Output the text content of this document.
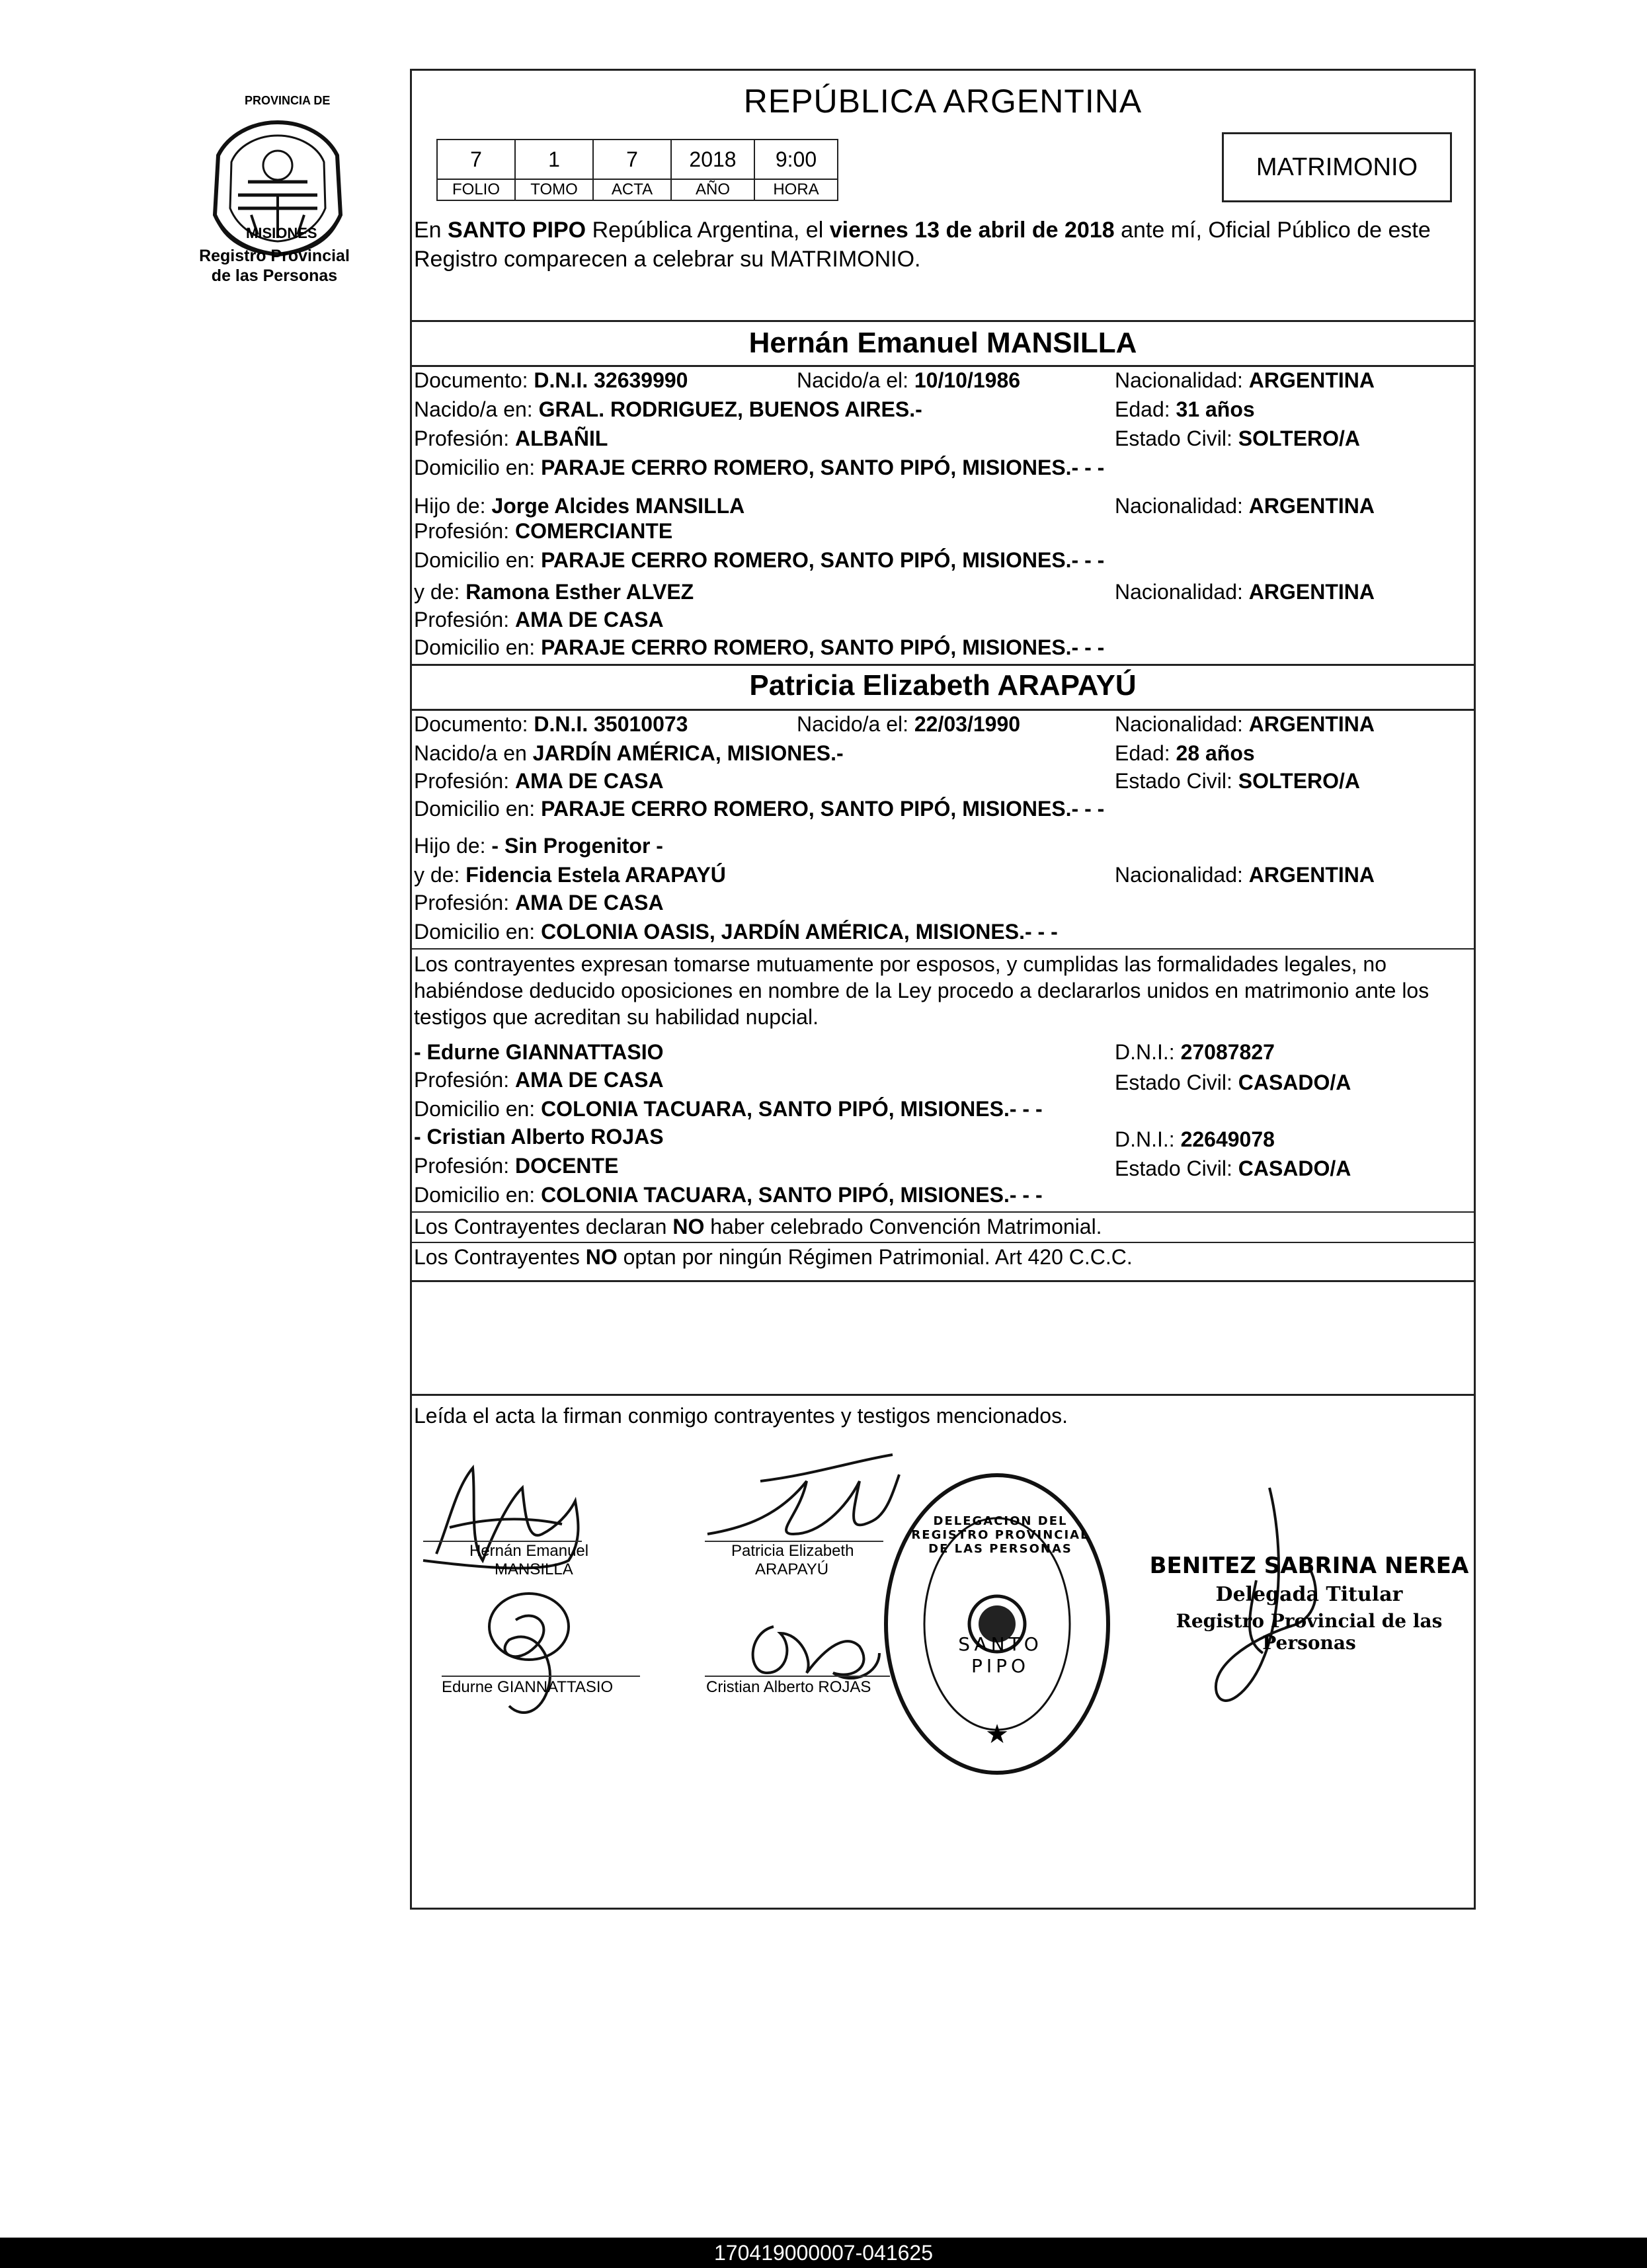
PROVINCIA DE
MISIONES
Registro Provincial
de las Personas
REPÚBLICA ARGENTINA
7	1	7	2018	9:00
FOLIO	TOMO	ACTA	AÑO	HORA
MATRIMONIO
En SANTO PIPO República Argentina, el viernes 13 de abril de 2018 ante mí, Oficial Público de este Registro comparecen a celebrar su MATRIMONIO.
Hernán Emanuel MANSILLA
Documento: D.N.I. 32639990	Nacido/a el: 10/10/1986	Nacionalidad: ARGENTINA
Nacido/a en: GRAL. RODRIGUEZ, BUENOS AIRES.-	Edad: 31 años
Profesión: ALBAÑIL	Estado Civil: SOLTERO/A
Domicilio en: PARAJE CERRO ROMERO, SANTO PIPÓ, MISIONES.- - -
Hijo de: Jorge Alcides MANSILLA	Nacionalidad: ARGENTINA
Profesión: COMERCIANTE
Domicilio en: PARAJE CERRO ROMERO, SANTO PIPÓ, MISIONES.- - -
y de: Ramona Esther ALVEZ	Nacionalidad: ARGENTINA
Profesión: AMA DE CASA
Domicilio en: PARAJE CERRO ROMERO, SANTO PIPÓ, MISIONES.- - -
Patricia Elizabeth ARAPAYÚ
Documento: D.N.I. 35010073	Nacido/a el: 22/03/1990	Nacionalidad: ARGENTINA
Nacido/a en JARDÍN AMÉRICA, MISIONES.-	Edad: 28 años
Profesión: AMA DE CASA	Estado Civil: SOLTERO/A
Domicilio en: PARAJE CERRO ROMERO, SANTO PIPÓ, MISIONES.- - -
Hijo de: - Sin Progenitor -
y de: Fidencia Estela ARAPAYÚ	Nacionalidad: ARGENTINA
Profesión: AMA DE CASA
Domicilio en: COLONIA OASIS, JARDÍN AMÉRICA, MISIONES.- - -
Los contrayentes expresan tomarse mutuamente por esposos, y cumplidas las formalidades legales, no habiéndose deducido oposiciones en nombre de la Ley procedo a declararlos unidos en matrimonio ante los testigos que acreditan su habilidad nupcial.
- Edurne GIANNATTASIO	D.N.I.: 27087827
Profesión: AMA DE CASA	Estado Civil: CASADO/A
Domicilio en: COLONIA TACUARA, SANTO PIPÓ, MISIONES.- - -
- Cristian Alberto ROJAS	D.N.I.: 22649078
Profesión: DOCENTE	Estado Civil: CASADO/A
Domicilio en: COLONIA TACUARA, SANTO PIPÓ, MISIONES.- - -
Los Contrayentes declaran NO haber celebrado Convención Matrimonial.
Los Contrayentes NO optan por ningún Régimen Patrimonial. Art 420 C.C.C.
Leída el acta la firman conmigo contrayentes y testigos mencionados.
Hernán Emanuel
MANSILLA
Patricia Elizabeth
ARAPAYÚ
Edurne GIANNATTASIO	Cristian Alberto ROJAS
★
DELEGACION DEL REGISTRO PROVINCIAL DE LAS PERSONAS
SANTO PIPO
BENITEZ SABRINA NEREA
Delegada Titular
Registro Provincial de las Personas
170419000007-041625
